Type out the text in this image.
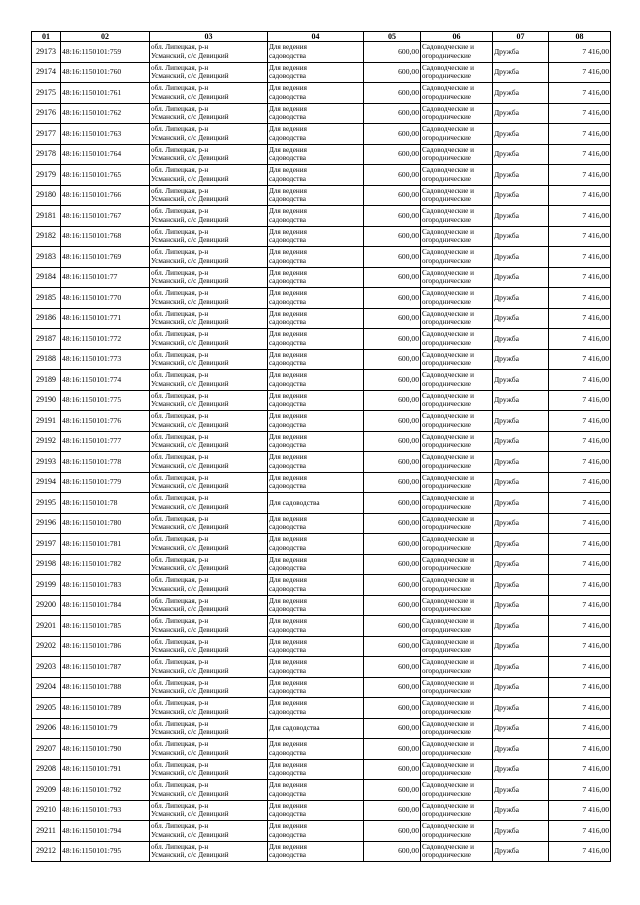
01	02	03	04	05	06	07	08
29173	48:16:1150101:759	обл. Липецкая, р-н
Усманский, с/с Девицкий	Для ведения
садоводства	600,00	Садоводческие и
огороднические	Дружба	7 416,00
29174	48:16:1150101:760	обл. Липецкая, р-н
Усманский, с/с Девицкий	Для ведения
садоводства	600,00	Садоводческие и
огороднические	Дружба	7 416,00
29175	48:16:1150101:761	обл. Липецкая, р-н
Усманский, с/с Девицкий	Для ведения
садоводства	600,00	Садоводческие и
огороднические	Дружба	7 416,00
29176	48:16:1150101:762	обл. Липецкая, р-н
Усманский, с/с Девицкий	Для ведения
садоводства	600,00	Садоводческие и
огороднические	Дружба	7 416,00
29177	48:16:1150101:763	обл. Липецкая, р-н
Усманский, с/с Девицкий	Для ведения
садоводства	600,00	Садоводческие и
огороднические	Дружба	7 416,00
29178	48:16:1150101:764	обл. Липецкая, р-н
Усманский, с/с Девицкий	Для ведения
садоводства	600,00	Садоводческие и
огороднические	Дружба	7 416,00
29179	48:16:1150101:765	обл. Липецкая, р-н
Усманский, с/с Девицкий	Для ведения
садоводства	600,00	Садоводческие и
огороднические	Дружба	7 416,00
29180	48:16:1150101:766	обл. Липецкая, р-н
Усманский, с/с Девицкий	Для ведения
садоводства	600,00	Садоводческие и
огороднические	Дружба	7 416,00
29181	48:16:1150101:767	обл. Липецкая, р-н
Усманский, с/с Девицкий	Для ведения
садоводства	600,00	Садоводческие и
огороднические	Дружба	7 416,00
29182	48:16:1150101:768	обл. Липецкая, р-н
Усманский, с/с Девицкий	Для ведения
садоводства	600,00	Садоводческие и
огороднические	Дружба	7 416,00
29183	48:16:1150101:769	обл. Липецкая, р-н
Усманский, с/с Девицкий	Для ведения
садоводства	600,00	Садоводческие и
огороднические	Дружба	7 416,00
29184	48:16:1150101:77	обл. Липецкая, р-н
Усманский, с/с Девицкий	Для ведения
садоводства	600,00	Садоводческие и
огороднические	Дружба	7 416,00
29185	48:16:1150101:770	обл. Липецкая, р-н
Усманский, с/с Девицкий	Для ведения
садоводства	600,00	Садоводческие и
огороднические	Дружба	7 416,00
29186	48:16:1150101:771	обл. Липецкая, р-н
Усманский, с/с Девицкий	Для ведения
садоводства	600,00	Садоводческие и
огороднические	Дружба	7 416,00
29187	48:16:1150101:772	обл. Липецкая, р-н
Усманский, с/с Девицкий	Для ведения
садоводства	600,00	Садоводческие и
огороднические	Дружба	7 416,00
29188	48:16:1150101:773	обл. Липецкая, р-н
Усманский, с/с Девицкий	Для ведения
садоводства	600,00	Садоводческие и
огороднические	Дружба	7 416,00
29189	48:16:1150101:774	обл. Липецкая, р-н
Усманский, с/с Девицкий	Для ведения
садоводства	600,00	Садоводческие и
огороднические	Дружба	7 416,00
29190	48:16:1150101:775	обл. Липецкая, р-н
Усманский, с/с Девицкий	Для ведения
садоводства	600,00	Садоводческие и
огороднические	Дружба	7 416,00
29191	48:16:1150101:776	обл. Липецкая, р-н
Усманский, с/с Девицкий	Для ведения
садоводства	600,00	Садоводческие и
огороднические	Дружба	7 416,00
29192	48:16:1150101:777	обл. Липецкая, р-н
Усманский, с/с Девицкий	Для ведения
садоводства	600,00	Садоводческие и
огороднические	Дружба	7 416,00
29193	48:16:1150101:778	обл. Липецкая, р-н
Усманский, с/с Девицкий	Для ведения
садоводства	600,00	Садоводческие и
огороднические	Дружба	7 416,00
29194	48:16:1150101:779	обл. Липецкая, р-н
Усманский, с/с Девицкий	Для ведения
садоводства	600,00	Садоводческие и
огороднические	Дружба	7 416,00
29195	48:16:1150101:78	обл. Липецкая, р-н
Усманский, с/с Девицкий	Для садоводства	600,00	Садоводческие и
огороднические	Дружба	7 416,00
29196	48:16:1150101:780	обл. Липецкая, р-н
Усманский, с/с Девицкий	Для ведения
садоводства	600,00	Садоводческие и
огороднические	Дружба	7 416,00
29197	48:16:1150101:781	обл. Липецкая, р-н
Усманский, с/с Девицкий	Для ведения
садоводства	600,00	Садоводческие и
огороднические	Дружба	7 416,00
29198	48:16:1150101:782	обл. Липецкая, р-н
Усманский, с/с Девицкий	Для ведения
садоводства	600,00	Садоводческие и
огороднические	Дружба	7 416,00
29199	48:16:1150101:783	обл. Липецкая, р-н
Усманский, с/с Девицкий	Для ведения
садоводства	600,00	Садоводческие и
огороднические	Дружба	7 416,00
29200	48:16:1150101:784	обл. Липецкая, р-н
Усманский, с/с Девицкий	Для ведения
садоводства	600,00	Садоводческие и
огороднические	Дружба	7 416,00
29201	48:16:1150101:785	обл. Липецкая, р-н
Усманский, с/с Девицкий	Для ведения
садоводства	600,00	Садоводческие и
огороднические	Дружба	7 416,00
29202	48:16:1150101:786	обл. Липецкая, р-н
Усманский, с/с Девицкий	Для ведения
садоводства	600,00	Садоводческие и
огороднические	Дружба	7 416,00
29203	48:16:1150101:787	обл. Липецкая, р-н
Усманский, с/с Девицкий	Для ведения
садоводства	600,00	Садоводческие и
огороднические	Дружба	7 416,00
29204	48:16:1150101:788	обл. Липецкая, р-н
Усманский, с/с Девицкий	Для ведения
садоводства	600,00	Садоводческие и
огороднические	Дружба	7 416,00
29205	48:16:1150101:789	обл. Липецкая, р-н
Усманский, с/с Девицкий	Для ведения
садоводства	600,00	Садоводческие и
огороднические	Дружба	7 416,00
29206	48:16:1150101:79	обл. Липецкая, р-н
Усманский, с/с Девицкий	Для садоводства	600,00	Садоводческие и
огороднические	Дружба	7 416,00
29207	48:16:1150101:790	обл. Липецкая, р-н
Усманский, с/с Девицкий	Для ведения
садоводства	600,00	Садоводческие и
огороднические	Дружба	7 416,00
29208	48:16:1150101:791	обл. Липецкая, р-н
Усманский, с/с Девицкий	Для ведения
садоводства	600,00	Садоводческие и
огороднические	Дружба	7 416,00
29209	48:16:1150101:792	обл. Липецкая, р-н
Усманский, с/с Девицкий	Для ведения
садоводства	600,00	Садоводческие и
огороднические	Дружба	7 416,00
29210	48:16:1150101:793	обл. Липецкая, р-н
Усманский, с/с Девицкий	Для ведения
садоводства	600,00	Садоводческие и
огороднические	Дружба	7 416,00
29211	48:16:1150101:794	обл. Липецкая, р-н
Усманский, с/с Девицкий	Для ведения
садоводства	600,00	Садоводческие и
огороднические	Дружба	7 416,00
29212	48:16:1150101:795	обл. Липецкая, р-н
Усманский, с/с Девицкий	Для ведения
садоводства	600,00	Садоводческие и
огороднические	Дружба	7 416,00
